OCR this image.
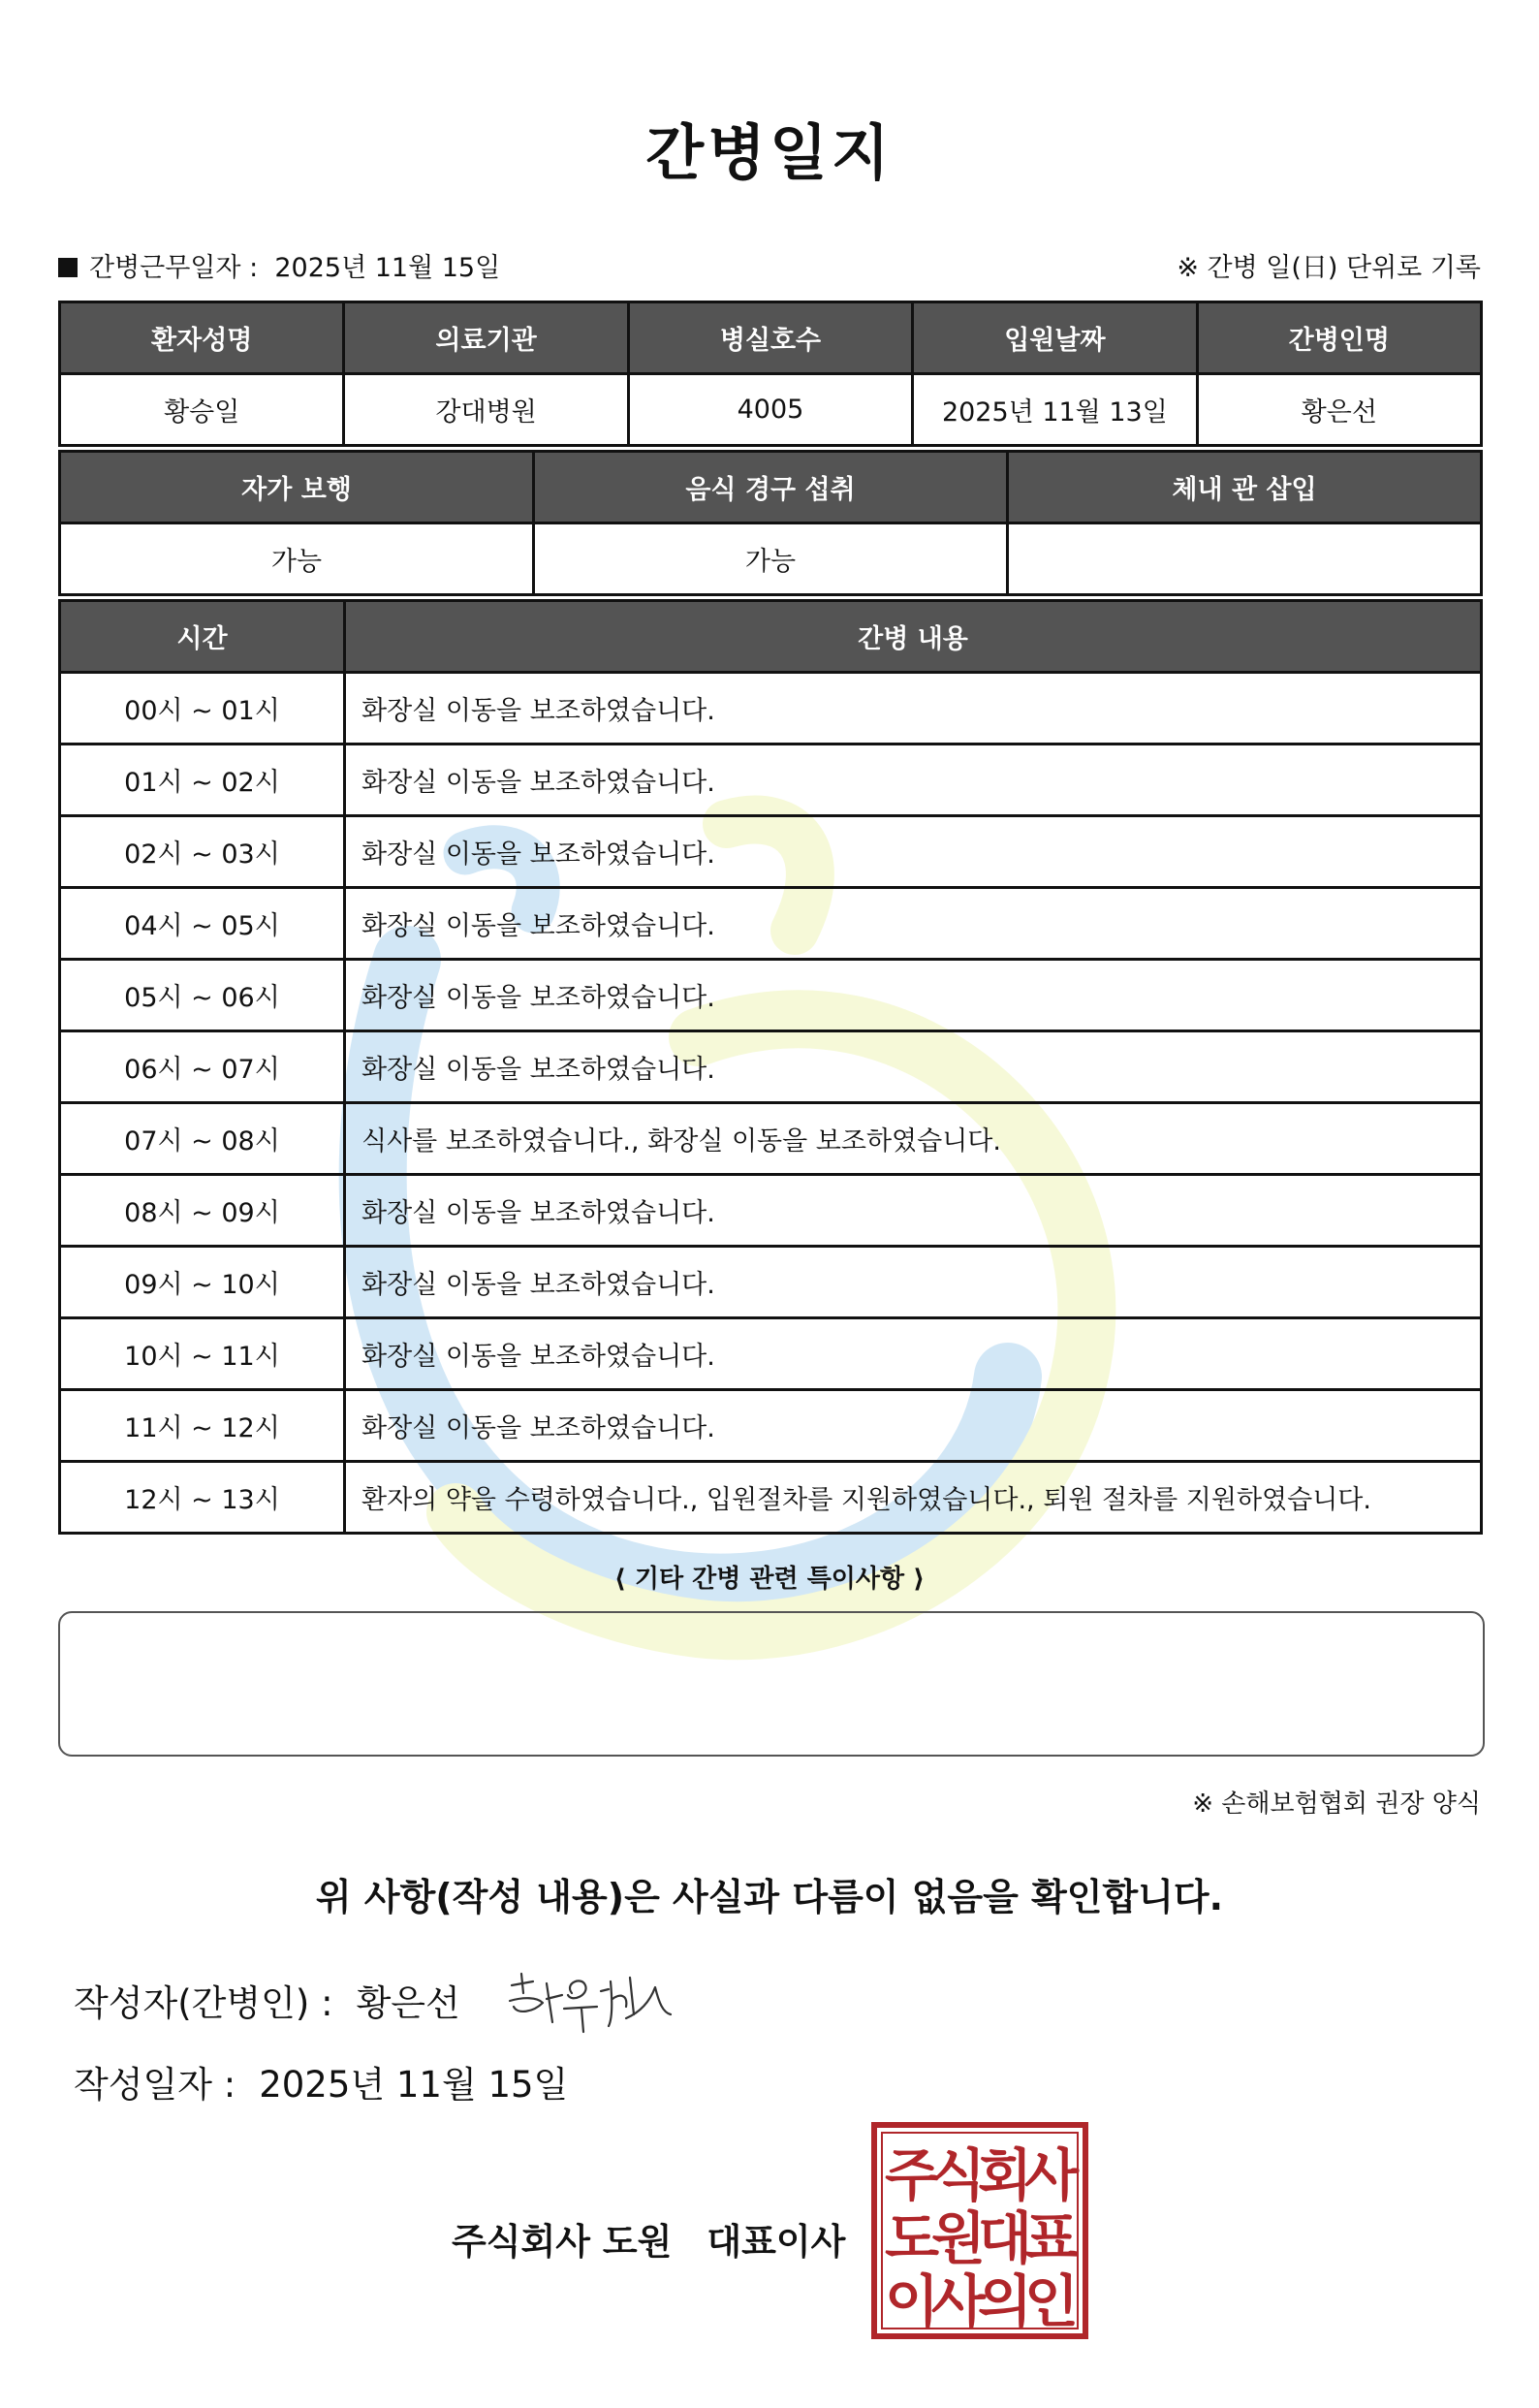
간병일지
간병근무일자 :  2025년 11월 15일	※ 간병 일(日) 단위로 기록
환자성명	의료기관	병실호수	입원날짜	간병인명
황승일	강대병원	4005	2025년 11월 13일	황은선
자가 보행	음식 경구 섭취	체내 관 삽입
가능	가능	
시간	간병 내용
00시 ~ 01시	화장실 이동을 보조하였습니다.
01시 ~ 02시	화장실 이동을 보조하였습니다.
02시 ~ 03시	화장실 이동을 보조하였습니다.
04시 ~ 05시	화장실 이동을 보조하였습니다.
05시 ~ 06시	화장실 이동을 보조하였습니다.
06시 ~ 07시	화장실 이동을 보조하였습니다.
07시 ~ 08시	식사를 보조하였습니다., 화장실 이동을 보조하였습니다.
08시 ~ 09시	화장실 이동을 보조하였습니다.
09시 ~ 10시	화장실 이동을 보조하였습니다.
10시 ~ 11시	화장실 이동을 보조하였습니다.
11시 ~ 12시	화장실 이동을 보조하였습니다.
12시 ~ 13시	환자의 약을 수령하였습니다., 입원절차를 지원하였습니다., 퇴원 절차를 지원하였습니다.
⟨ 기타 간병 관련 특이사항 ⟩
※ 손해보험협회 권장 양식
위 사항(작성 내용)은 사실과 다름이 없음을 확인합니다.
작성자(간병인) : 황은선
작성일자 : 2025년 11월 15일
주식회사 도원 대표이사
주
식
회
사
도
원
대
표
이
사
의
인
